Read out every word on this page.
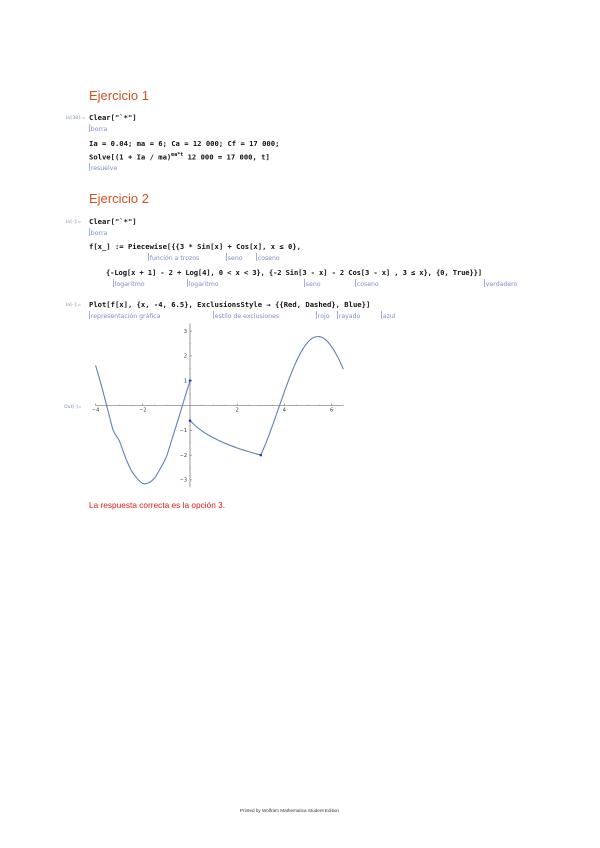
Ejercicio 1
In[38]:= Clear["`*"]
borra
Ia = 0.04; ma = 6; Ca = 12 000; Cf = 17 000;
Solve[(1 + Ia / ma)$^{ma*t}$ 12 000 = 17 000, t]
resuelve
Ejercicio 2
In[-]:= Clear["`*"]
borra
f[x_] := Piecewise[{{3 * Sin[x] + Cos[x], x ≤ 0},
función a trozos	seno coseno
{-Log[x + 1] - 2 + Log[4], 0 < x < 3}, {-2 Sin[3 - x] - 2 Cos[3 - x] , 3 ≤ x}, {0, True}}]
logaritmo	logaritmo	seno	coseno	verdadero
In[-]:= Plot[f[x], {x, -4, 6.5}, ExclusionsStyle → {{Red, Dashed}, Blue}]
representación gráfica	estilo de exclusiones	rojo rayado	azul
Out[-]= −4	−2	2	4	6
−3
−2
−1
1
2
3
La respuesta correcta es la opción 3.
Printed by Wolfram Mathematica Student Edition
